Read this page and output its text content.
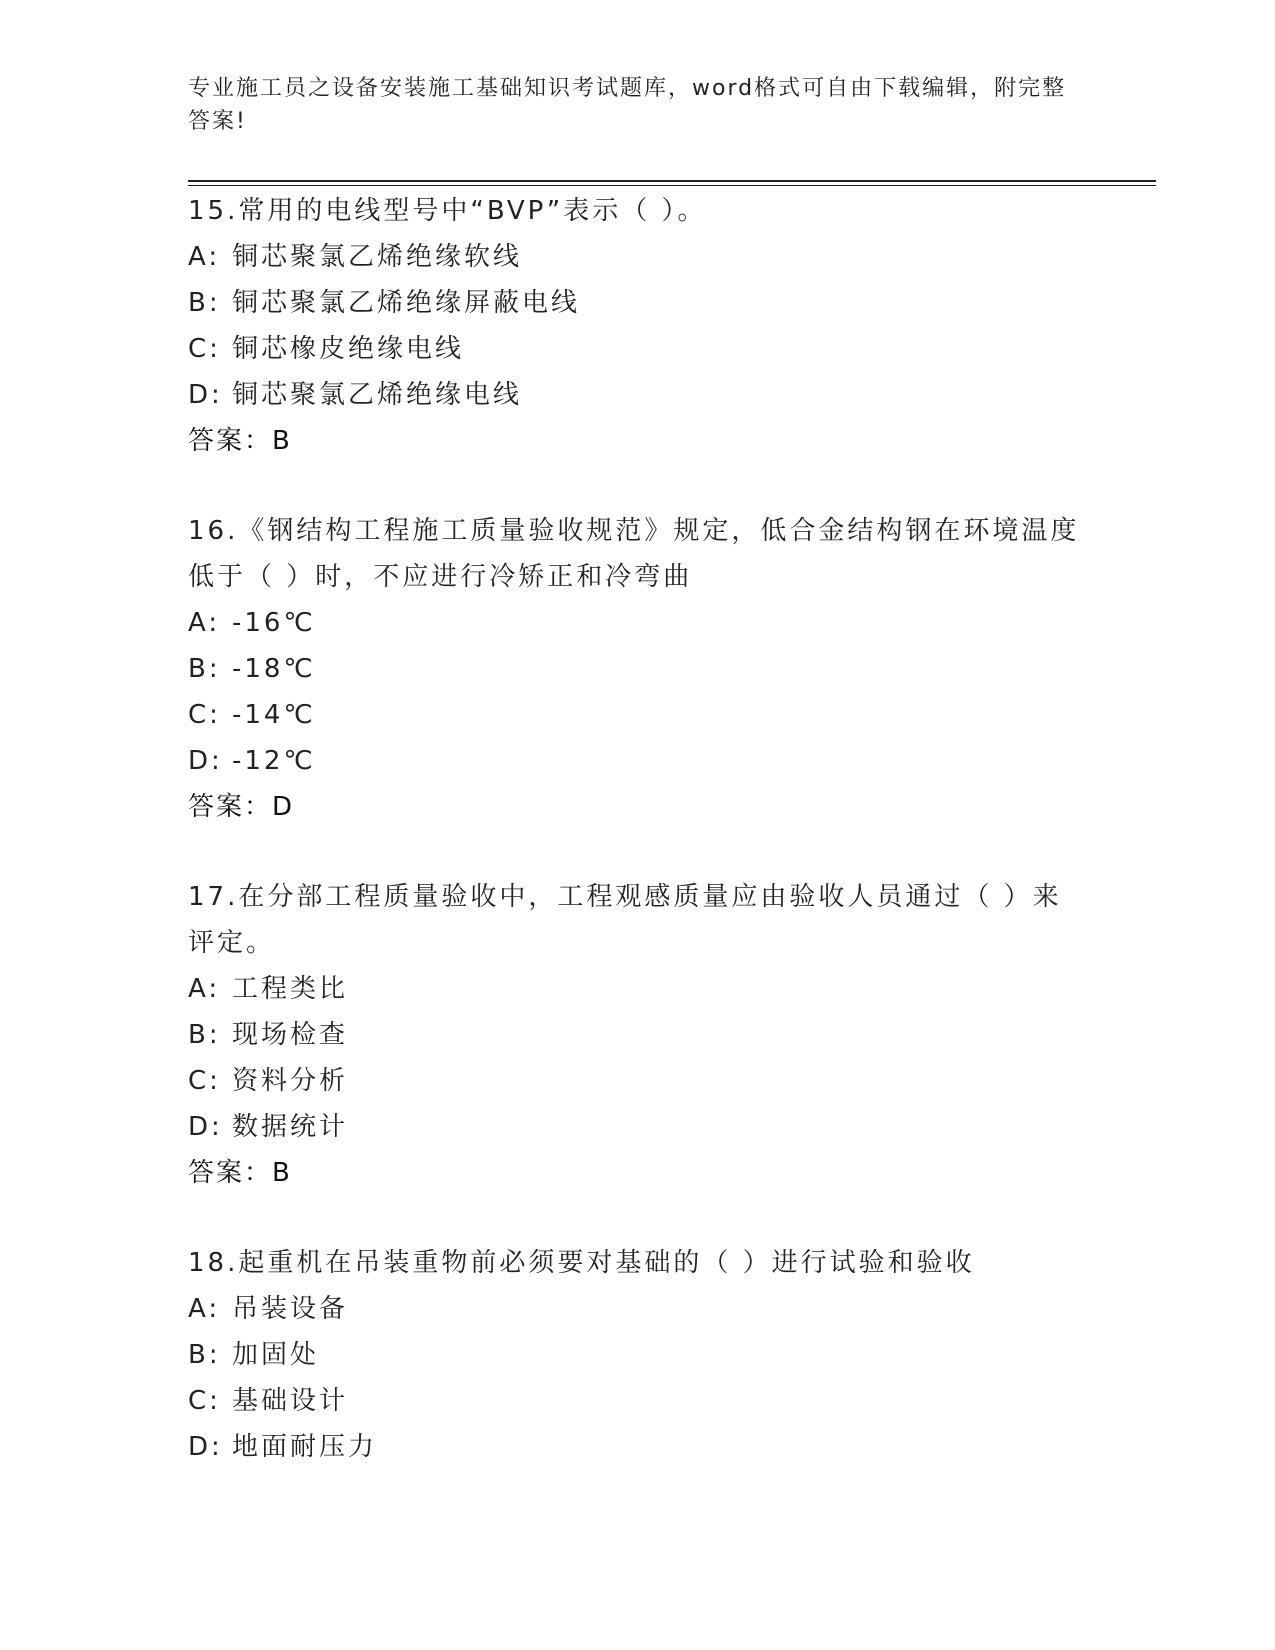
专业施工员之设备安装施工基础知识考试题库，word格式可自由下载编辑，附完整答案!
15.常用的电线型号中“BVP”表示（ ）。
A: 铜芯聚氯乙烯绝缘软线
B: 铜芯聚氯乙烯绝缘屏蔽电线
C: 铜芯橡皮绝缘电线
D: 铜芯聚氯乙烯绝缘电线
答案：B
16.《钢结构工程施工质量验收规范》规定，低合金结构钢在环境温度低于（ ）时，不应进行冷矫正和冷弯曲
A: -16℃
B: -18℃
C: -14℃
D: -12℃
答案：D
17.在分部工程质量验收中，工程观感质量应由验收人员通过（ ）来评定。
A: 工程类比
B: 现场检查
C: 资料分析
D: 数据统计
答案：B
18.起重机在吊装重物前必须要对基础的（ ）进行试验和验收
A: 吊装设备
B: 加固处
C: 基础设计
D: 地面耐压力
